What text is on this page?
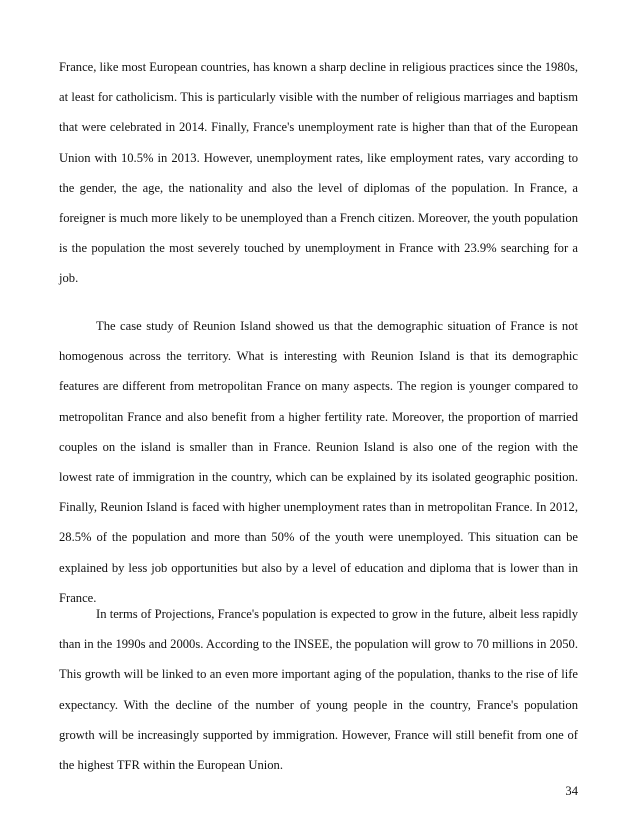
France, like most European countries, has known a sharp decline in religious practices since the 1980s, at least for catholicism. This is particularly visible with the number of religious marriages and baptism that were celebrated in 2014. Finally, France's unemployment rate is higher than that of the European Union with 10.5% in 2013. However, unemployment rates, like employment rates, vary according to the gender, the age, the nationality and also the level of diplomas of the population. In France, a foreigner is much more likely to be unemployed than a French citizen. Moreover, the youth population is the population the most severely touched by unemployment in France with 23.9% searching for a job.

The case study of Reunion Island showed us that the demographic situation of France is not homogenous across the territory. What is interesting with Reunion Island is that its demographic features are different from metropolitan France on many aspects. The region is younger compared to metropolitan France and also benefit from a higher fertility rate. Moreover, the proportion of married couples on the island is smaller than in France. Reunion Island is also one of the region with the lowest rate of immigration in the country, which can be explained by its isolated geographic position. Finally, Reunion Island is faced with higher unemployment rates than in metropolitan France. In 2012, 28.5% of the population and more than 50% of the youth were unemployed. This situation can be explained by less job opportunities but also by a level of education and diploma that is lower than in France.

In terms of Projections, France's population is expected to grow in the future, albeit less rapidly than in the 1990s and 2000s. According to the INSEE, the population will grow to 70 millions in 2050. This growth will be linked to an even more important aging of the population, thanks to the rise of life expectancy. With the decline of the number of young people in the country, France's population growth will be increasingly supported by immigration. However, France will still benefit from one of the highest TFR within the European Union.

34
